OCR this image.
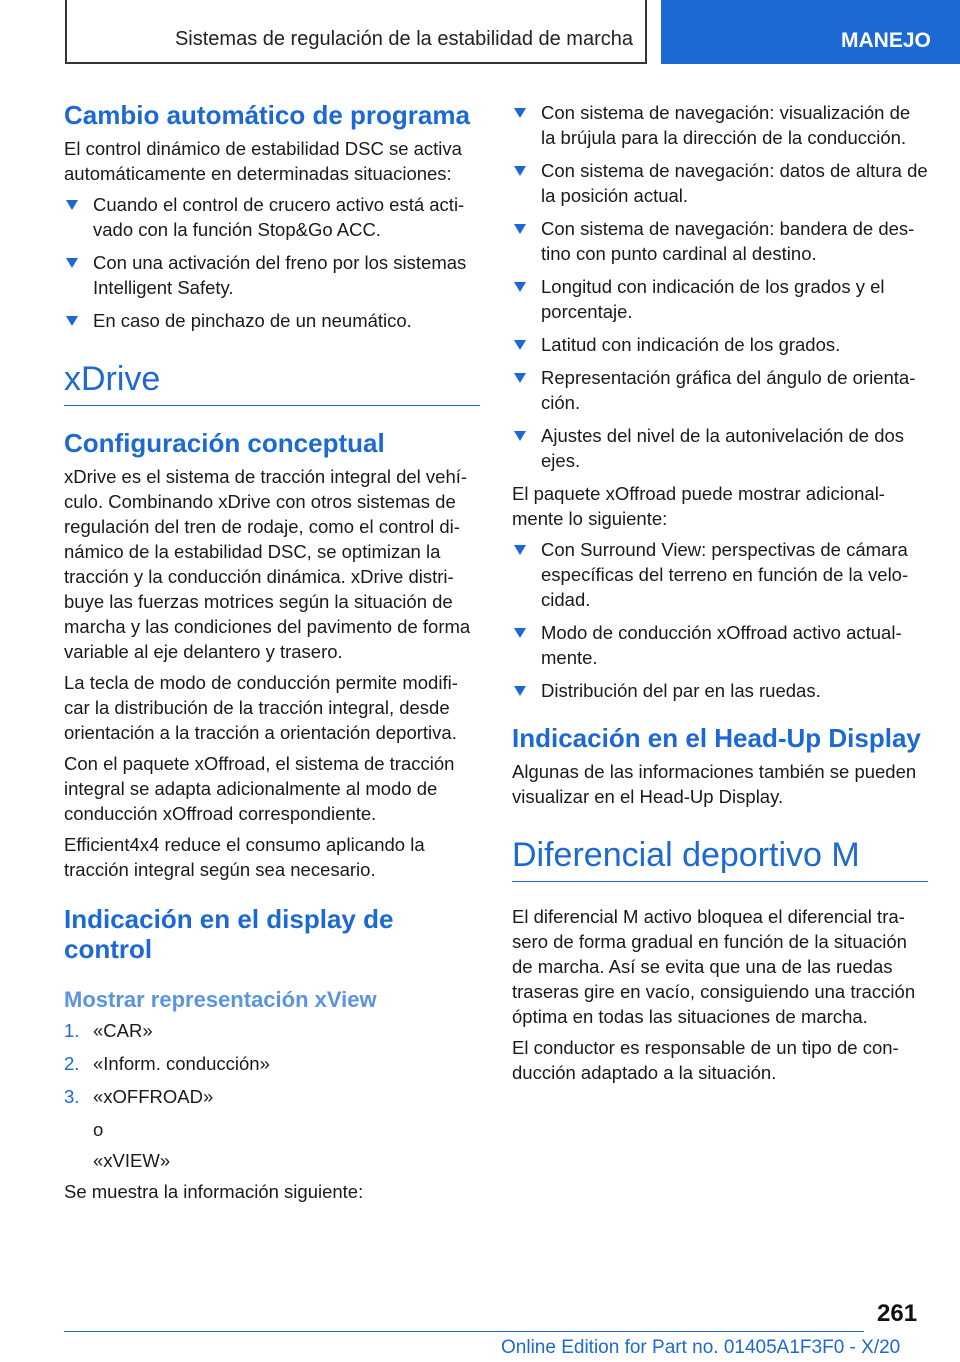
Sistemas de regulación de la estabilidad de marcha	MANEJO
Cambio automático de programa

El control dinámico de estabilidad DSC se activa automáticamente en determinadas situaciones:

Cuando el control de crucero activo está acti-vado con la función Stop&Go ACC.
Con una activación del freno por los sistemas Intelligent Safety.
En caso de pinchazo de un neumático.
xDrive
Configuración conceptual

xDrive es el sistema de tracción integral del vehí-culo. Combinando xDrive con otros sistemas de regulación del tren de rodaje, como el control di-námico de la estabilidad DSC, se optimizan la tracción y la conducción dinámica. xDrive distri-buye las fuerzas motrices según la situación de marcha y las condiciones del pavimento de forma variable al eje delantero y trasero.

La tecla de modo de conducción permite modifi-car la distribución de la tracción integral, desde orientación a la tracción a orientación deportiva.

Con el paquete xOffroad, el sistema de tracción integral se adapta adicionalmente al modo de conducción xOffroad correspondiente.

Efficient4x4 reduce el consumo aplicando la tracción integral según sea necesario.

Indicación en el display de control
Mostrar representación xView
1. «CAR»
2. «Inform. conducción»
3. «xOFFROAD»

o

«xVIEW»

Se muestra la información siguiente:

Con sistema de navegación: visualización de la brújula para la dirección de la conducción.
Con sistema de navegación: datos de altura de la posición actual.
Con sistema de navegación: bandera de des-tino con punto cardinal al destino.
Longitud con indicación de los grados y el porcentaje.
Latitud con indicación de los grados.
Representación gráfica del ángulo de orienta-ción.
Ajustes del nivel de la autonivelación de dos ejes.

El paquete xOffroad puede mostrar adicional-mente lo siguiente:

Con Surround View: perspectivas de cámara específicas del terreno en función de la velo-cidad.
Modo de conducción xOffroad activo actual-mente.
Distribución del par en las ruedas.
Indicación en el Head-Up Display

Algunas de las informaciones también se pueden visualizar en el Head-Up Display.

Diferencial deportivo M

El diferencial M activo bloquea el diferencial tra-sero de forma gradual en función de la situación de marcha. Así se evita que una de las ruedas traseras gire en vacío, consiguiendo una tracción óptima en todas las situaciones de marcha.

El conductor es responsable de un tipo de con-ducción adaptado a la situación.

261
Online Edition for Part no. 01405A1F3F0 - X/20
